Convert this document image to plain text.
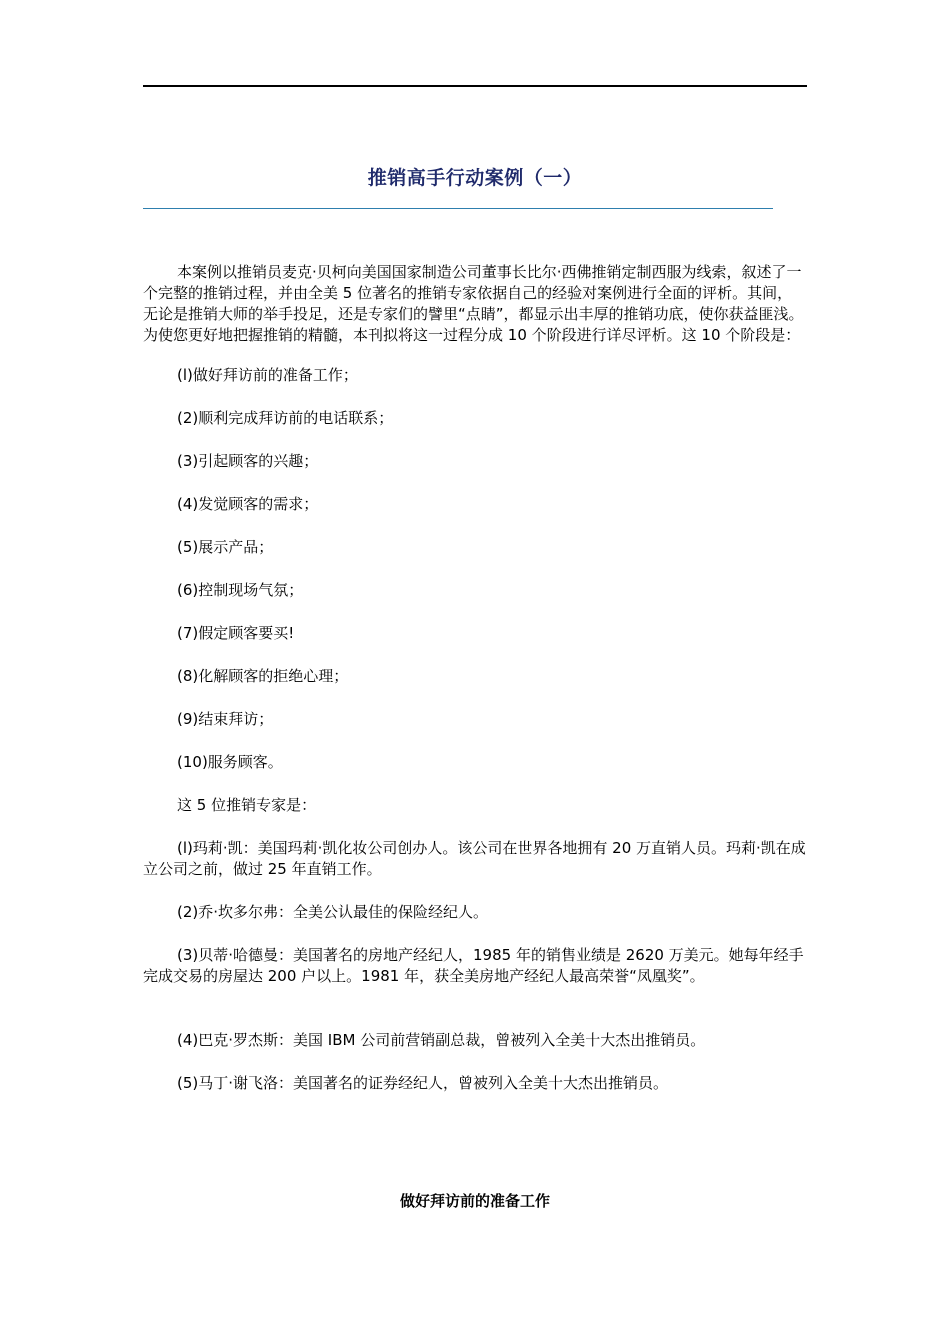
推销高手行动案例（一）

本案例以推销员麦克·贝柯向美国国家制造公司董事长比尔·西佛推销定制西服为线索，叙述了一个完整的推销过程，并由全美 5 位著名的推销专家依据自己的经验对案例进行全面的评析。其间，无论是推销大师的举手投足，还是专家们的譬里“点睛”，都显示出丰厚的推销功底，使你获益匪浅。为使您更好地把握推销的精髓，本刊拟将这一过程分成 10 个阶段进行详尽评析。这 10 个阶段是：

(l)做好拜访前的准备工作；

(2)顺利完成拜访前的电话联系；

(3)引起顾客的兴趣；

(4)发觉顾客的需求；

(5)展示产品；

(6)控制现场气氛；

(7)假定顾客要买!

(8)化解顾客的拒绝心理；

(9)结束拜访；

(10)服务顾客。

这 5 位推销专家是：

(l)玛莉·凯：美国玛莉·凯化妆公司创办人。该公司在世界各地拥有 20 万直销人员。玛莉·凯在成立公司之前，做过 25 年直销工作。

(2)乔·坎多尔弗：全美公认最佳的保险经纪人。

(3)贝蒂·哈德曼：美国著名的房地产经纪人，1985 年的销售业绩是 2620 万美元。她每年经手完成交易的房屋达 200 户以上。1981 年，获全美房地产经纪人最高荣誉“凤凰奖”。

(4)巴克·罗杰斯：美国 IBM 公司前营销副总裁，曾被列入全美十大杰出推销员。

(5)马丁·谢飞洛：美国著名的证券经纪人，曾被列入全美十大杰出推销员。

做好拜访前的准备工作
